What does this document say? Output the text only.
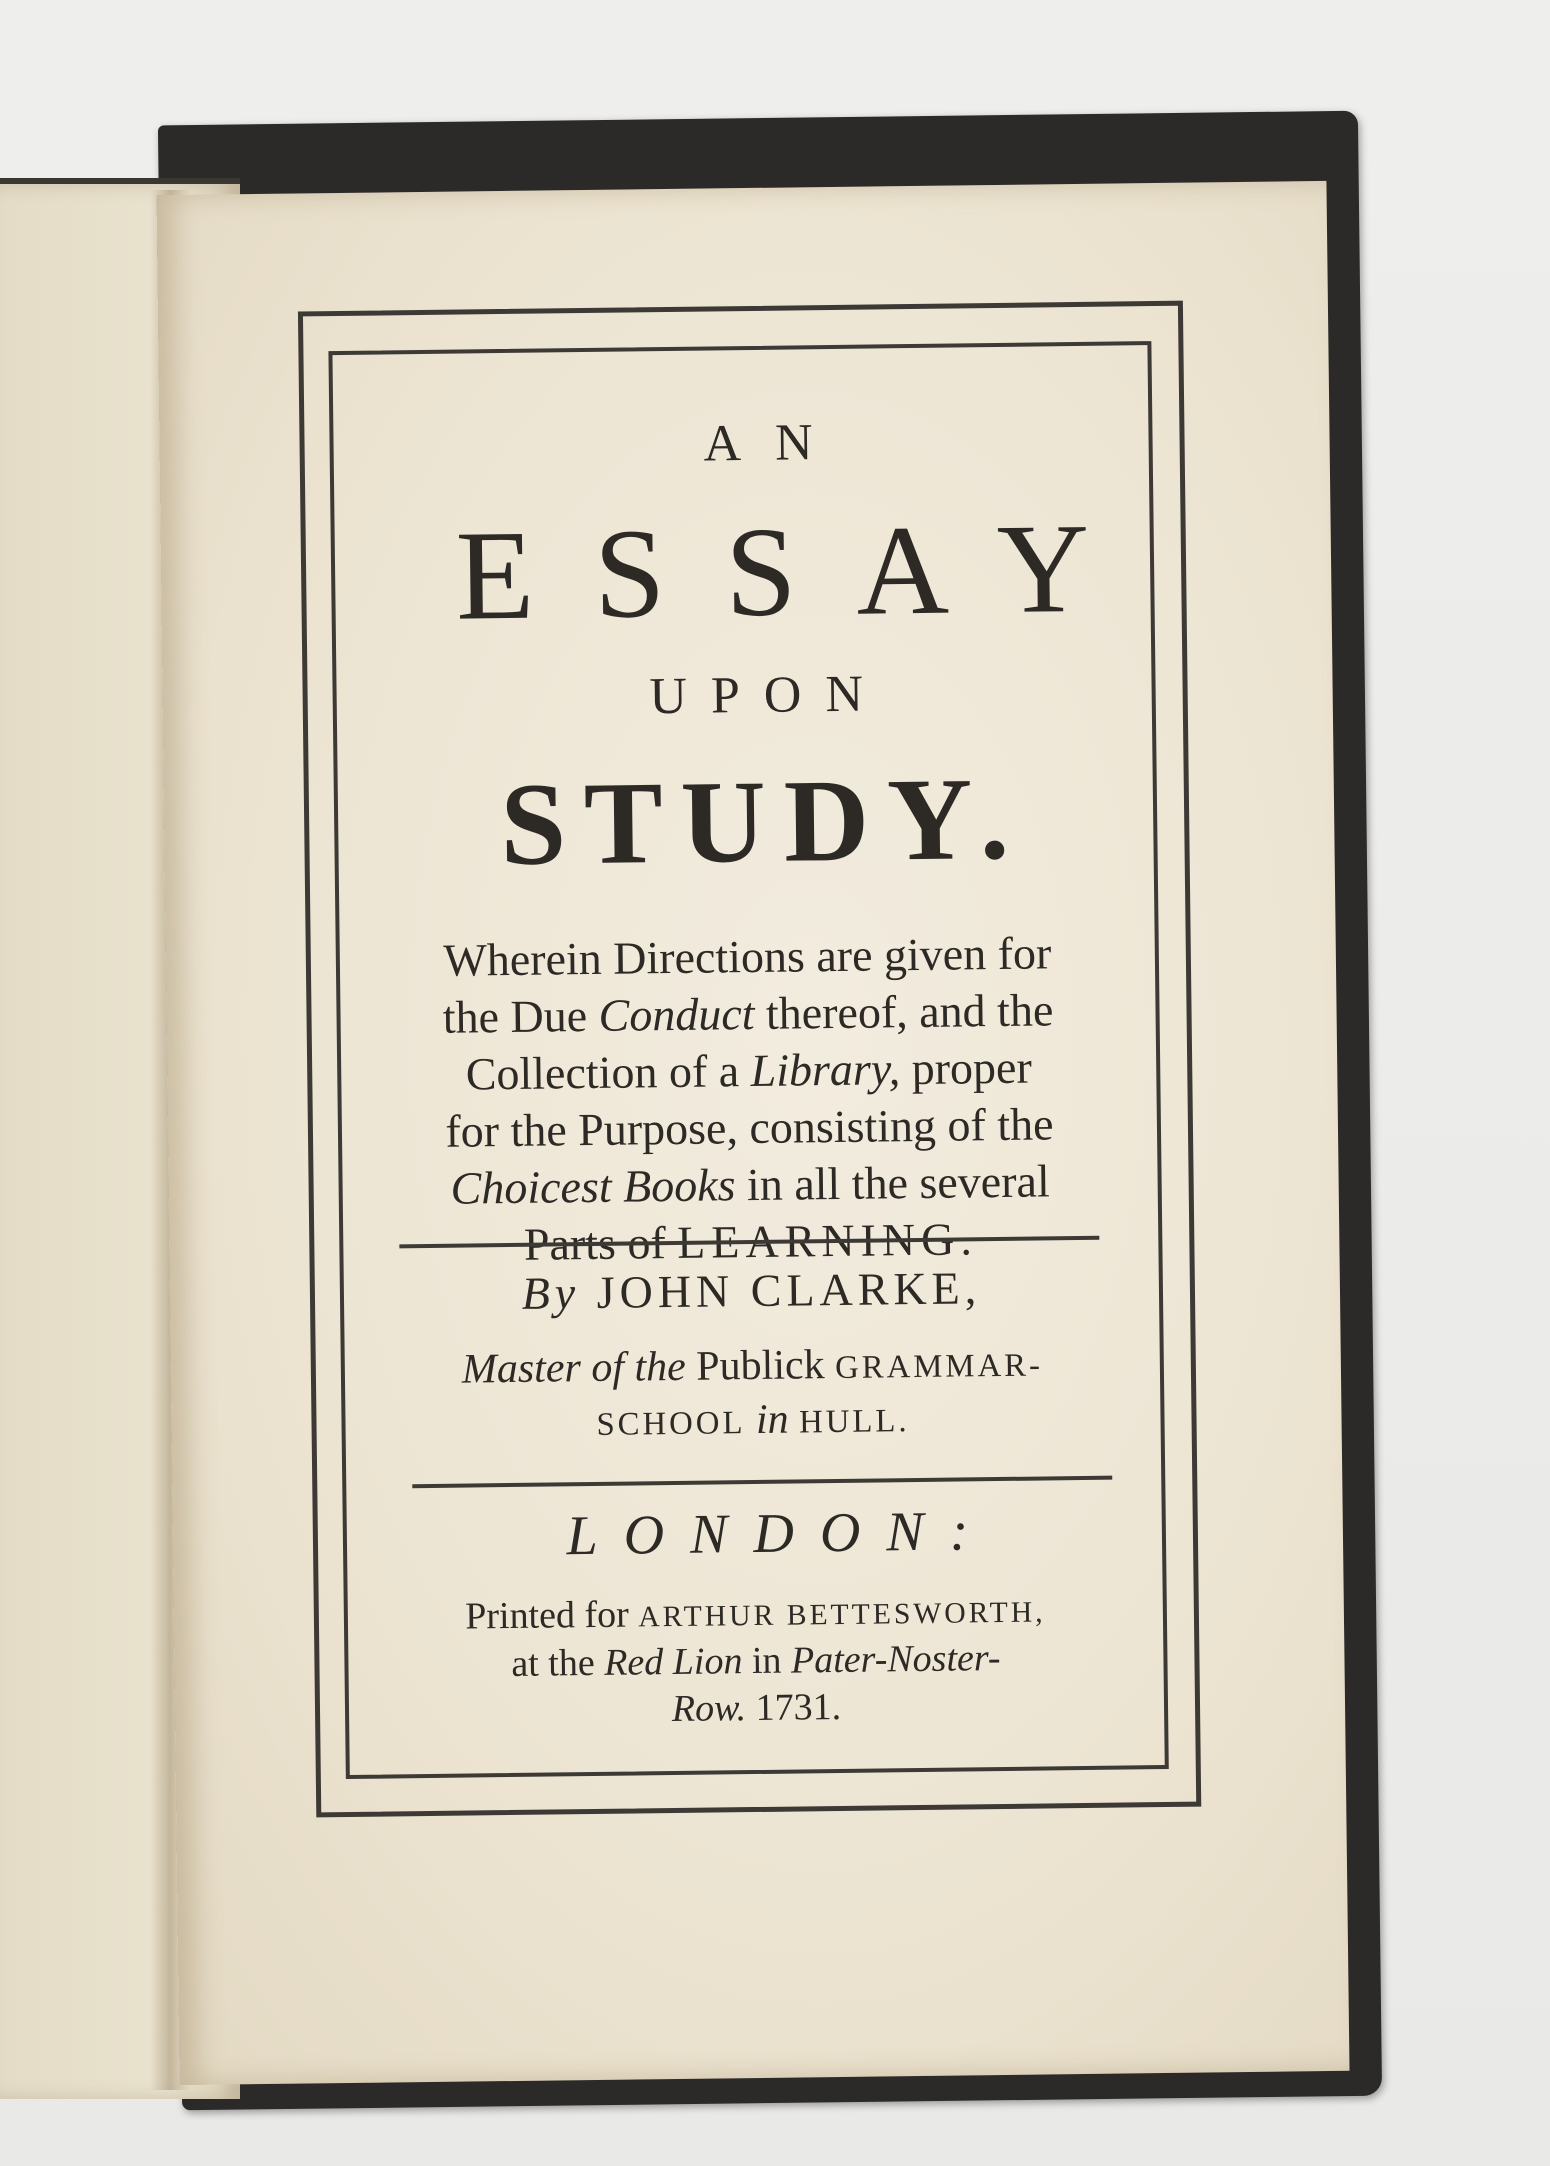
AN

ESSAY

UPON

STUDY.

Wherein Directions are given for
the Due Conduct thereof, and the
Collection of a Library, proper
for the Purpose, consisting of the
Choicest Books in all the several
Parts of LEARNING.

By JOHN CLARKE,

Master of the Publick GRAMMAR-
SCHOOL in HULL.

LONDON:

Printed for ARTHUR BETTESWORTH,
at the Red Lion in Pater-Noster-
Row. 1731.
